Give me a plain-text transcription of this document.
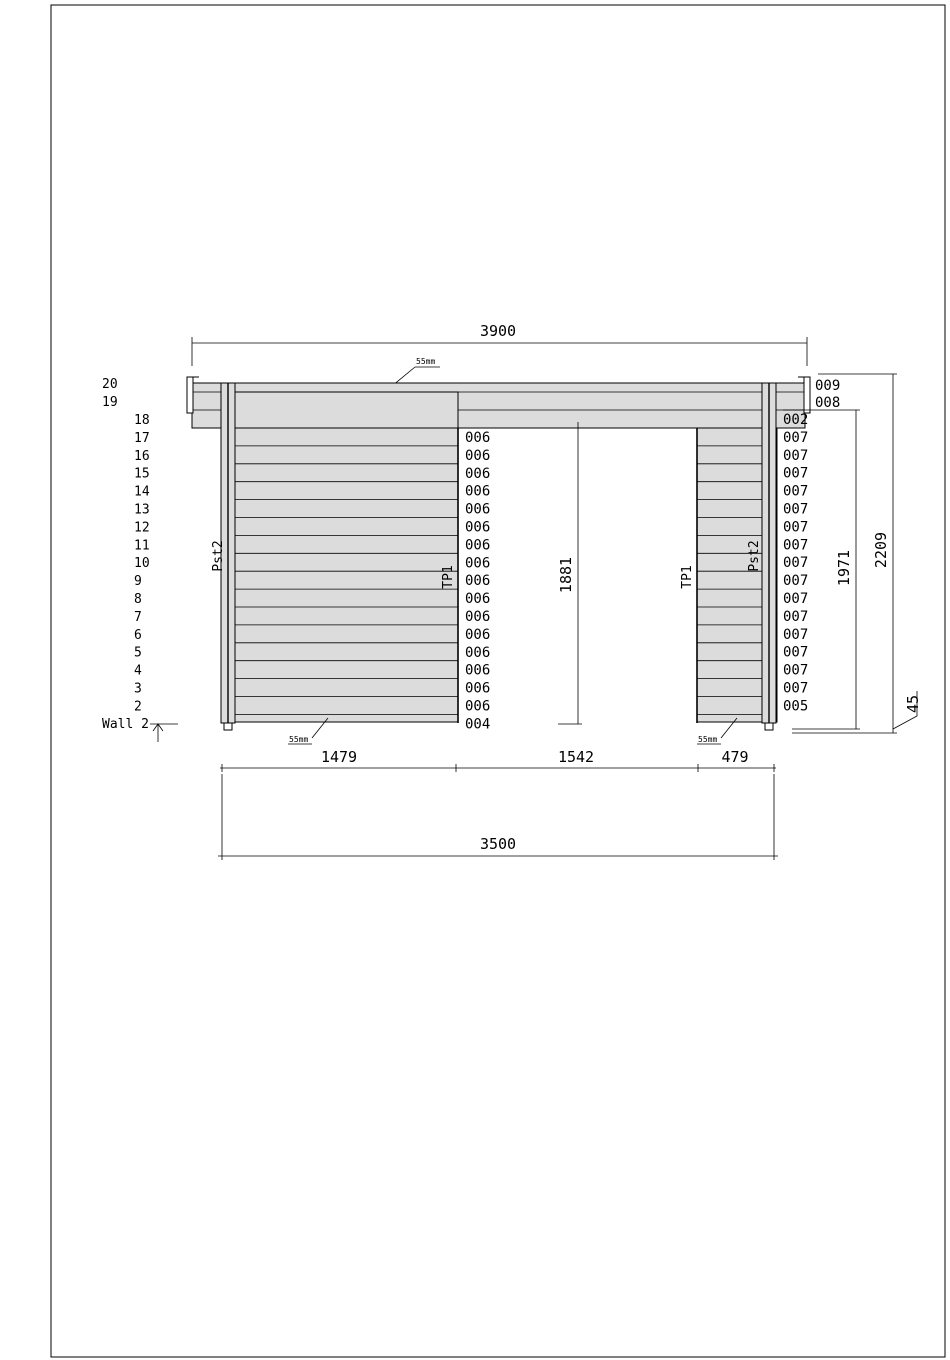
3900
55mm
1881
Pst2
TP1	TP1
Pst2
20
19
18
17
16
15
14
13
12
11
10
9
8
7
6
5
4
3
2
Wall 2
009
008
006
006
006
006
006
006
006
006
006
006
006
006
006
006
006
006
004
002
007
007
007
007
007
007
007
007
007
007
007
007
007
007
007
005
55mm	55mm
1971 2209
45
1479	1542	479
3500
